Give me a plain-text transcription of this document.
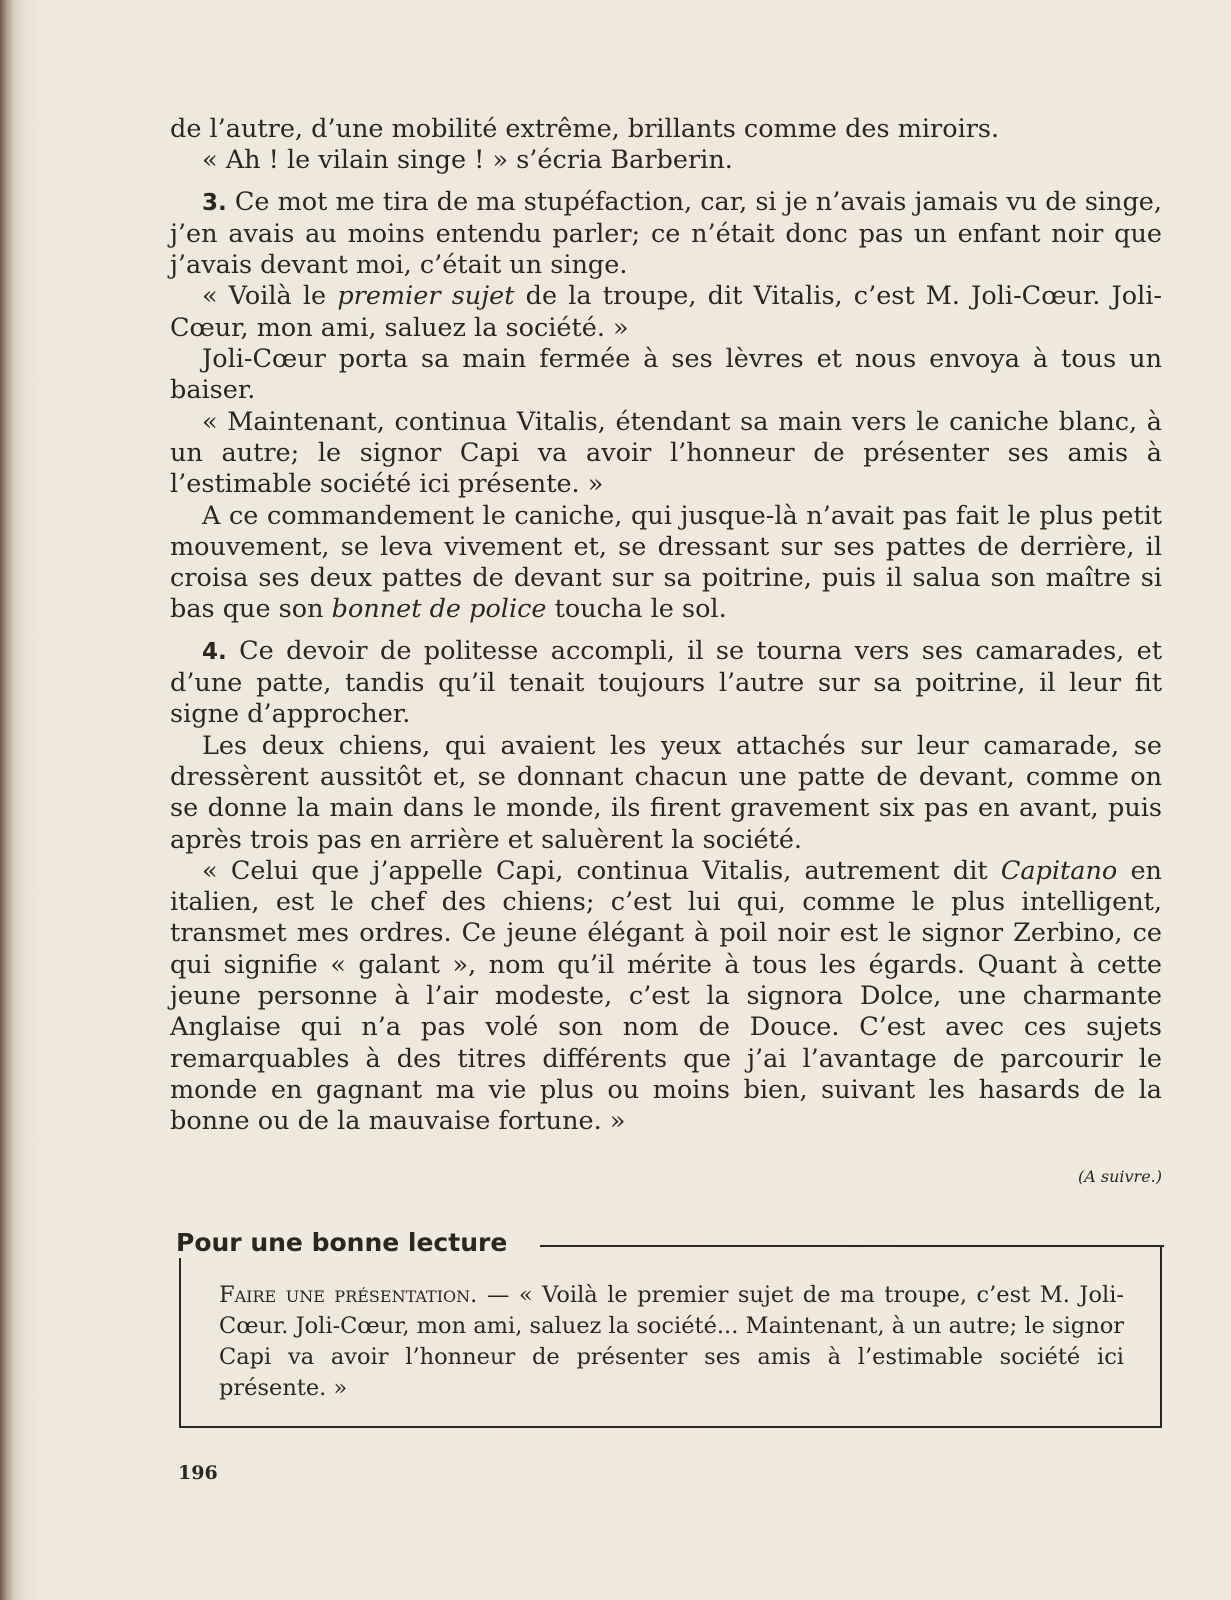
de l’autre, d’une mobilité extrême, brillants comme des miroirs.

« Ah ! le vilain singe ! » s’écria Barberin.

3. Ce mot me tira de ma stupéfaction, car, si je n’avais jamais vu de singe, j’en avais au moins entendu parler; ce n’était donc pas un enfant noir que j’avais devant moi, c’était un singe.

« Voilà le premier sujet de la troupe, dit Vitalis, c’est M. Joli-Cœur. Joli-Cœur, mon ami, saluez la société. »

Joli-Cœur porta sa main fermée à ses lèvres et nous envoya à tous un baiser.

« Maintenant, continua Vitalis, étendant sa main vers le caniche blanc, à un autre; le signor Capi va avoir l’honneur de présenter ses amis à l’estimable société ici présente. »

A ce commandement le caniche, qui jusque-là n’avait pas fait le plus petit mouvement, se leva vivement et, se dressant sur ses pattes de derrière, il croisa ses deux pattes de devant sur sa poitrine, puis il salua son maître si bas que son bonnet de police toucha le sol.

4. Ce devoir de politesse accompli, il se tourna vers ses camarades, et d’une patte, tandis qu’il tenait toujours l’autre sur sa poitrine, il leur fit signe d’approcher.

Les deux chiens, qui avaient les yeux attachés sur leur camarade, se dressèrent aussitôt et, se donnant chacun une patte de devant, comme on se donne la main dans le monde, ils firent gravement six pas en avant, puis après trois pas en arrière et saluèrent la société.

« Celui que j’appelle Capi, continua Vitalis, autrement dit Capitano en italien, est le chef des chiens; c’est lui qui, comme le plus intelligent, transmet mes ordres. Ce jeune élégant à poil noir est le signor Zerbino, ce qui signifie « galant », nom qu’il mérite à tous les égards. Quant à cette jeune personne à l’air modeste, c’est la signora Dolce, une charmante Anglaise qui n’a pas volé son nom de Douce. C’est avec ces sujets remarquables à des titres différents que j’ai l’avantage de parcourir le monde en gagnant ma vie plus ou moins bien, suivant les hasards de la bonne ou de la mauvaise fortune. »

(A suivre.)
Pour une bonne lecture
Faire une présentation. — « Voilà le premier sujet de ma troupe, c’est M. Joli-Cœur. Joli-Cœur, mon ami, saluez la société... Maintenant, à un autre; le signor Capi va avoir l’honneur de présenter ses amis à l’estimable société ici présente. »
196
